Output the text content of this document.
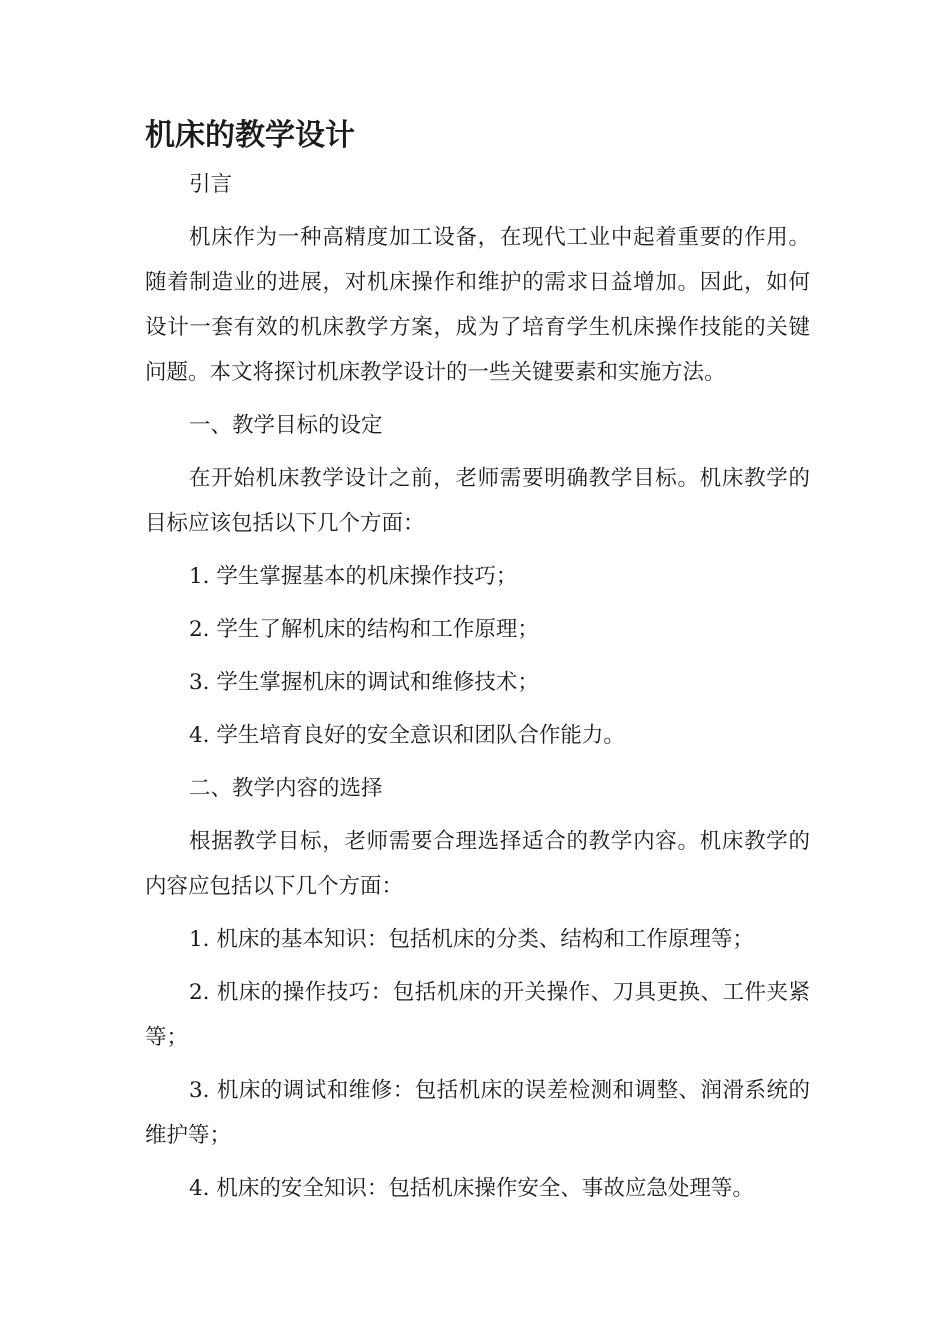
机床的教学设计

引言

机床作为一种高精度加工设备，在现代工业中起着重要的作用。随着制造业的进展，对机床操作和维护的需求日益增加。因此，如何设计一套有效的机床教学方案，成为了培育学生机床操作技能的关键问题。本文将探讨机床教学设计的一些关键要素和实施方法。

一、教学目标的设定

在开始机床教学设计之前，老师需要明确教学目标。机床教学的目标应该包括以下几个方面：

1. 学生掌握基本的机床操作技巧；

2. 学生了解机床的结构和工作原理；

3. 学生掌握机床的调试和维修技术；

4. 学生培育良好的安全意识和团队合作能力。

二、教学内容的选择

根据教学目标，老师需要合理选择适合的教学内容。机床教学的内容应包括以下几个方面：

1. 机床的基本知识：包括机床的分类、结构和工作原理等；

2. 机床的操作技巧：包括机床的开关操作、刀具更换、工件夹紧等；

3. 机床的调试和维修：包括机床的误差检测和调整、润滑系统的维护等；

4. 机床的安全知识：包括机床操作安全、事故应急处理等。
